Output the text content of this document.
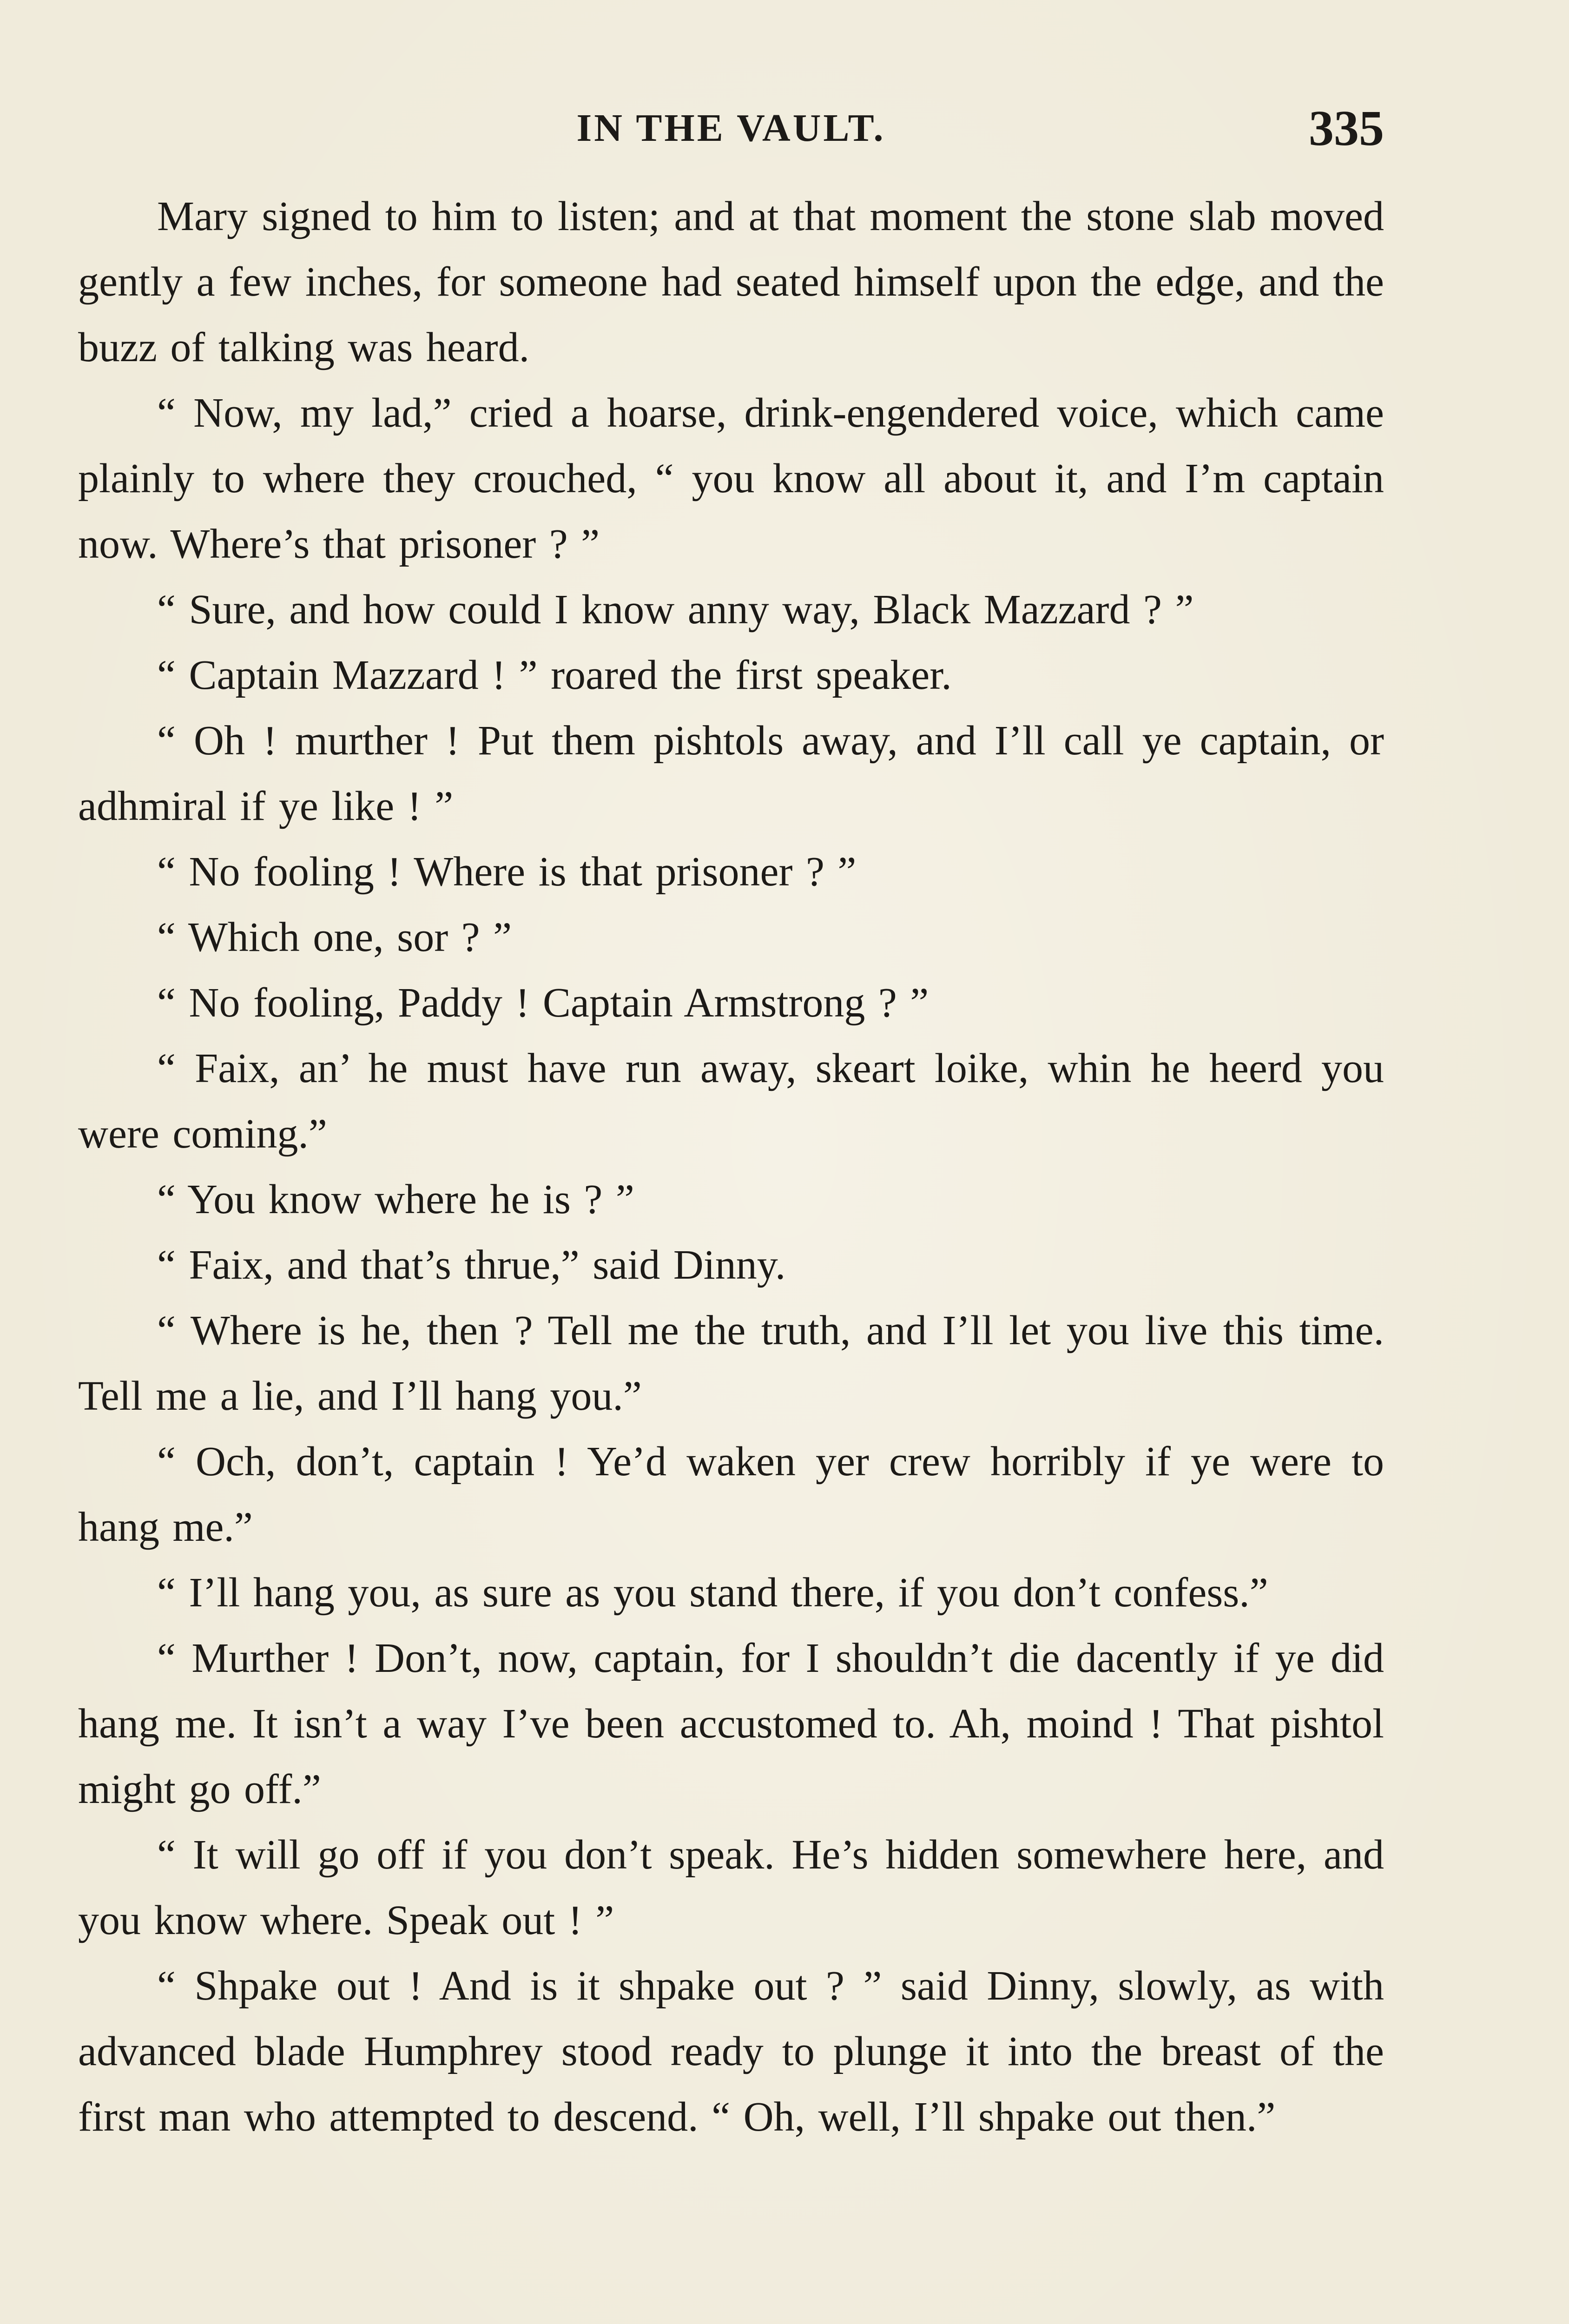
IN THE VAULT.	335

Mary signed to him to listen; and at that moment the stone slab moved gently a few inches, for someone had seated himself upon the edge, and the buzz of talking was heard.

“ Now, my lad,” cried a hoarse, drink-engendered voice, which came plainly to where they crouched, “ you know all about it, and I’m captain now. Where’s that prisoner ? ”

“ Sure, and how could I know anny way, Black Mazzard ? ”

“ Captain Mazzard ! ” roared the first speaker.

“ Oh ! murther ! Put them pishtols away, and I’ll call ye captain, or adhmiral if ye like ! ”

“ No fooling ! Where is that prisoner ? ”

“ Which one, sor ? ”

“ No fooling, Paddy ! Captain Armstrong ? ”

“ Faix, an’ he must have run away, skeart loike, whin he heerd you were coming.”

“ You know where he is ? ”

“ Faix, and that’s thrue,” said Dinny.

“ Where is he, then ? Tell me the truth, and I’ll let you live this time. Tell me a lie, and I’ll hang you.”

“ Och, don’t, captain ! Ye’d waken yer crew horribly if ye were to hang me.”

“ I’ll hang you, as sure as you stand there, if you don’t confess.”

“ Murther ! Don’t, now, captain, for I shouldn’t die dacently if ye did hang me. It isn’t a way I’ve been accustomed to. Ah, moind ! That pishtol might go off.”

“ It will go off if you don’t speak. He’s hidden somewhere here, and you know where. Speak out ! ”

“ Shpake out ! And is it shpake out ? ” said Dinny, slowly, as with advanced blade Humphrey stood ready to plunge it into the breast of the first man who attempted to descend. “ Oh, well, I’ll shpake out then.”
